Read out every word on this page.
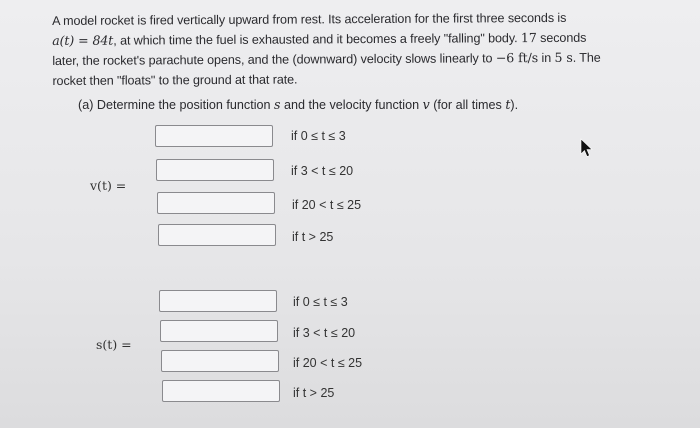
A model rocket is fired vertically upward from rest. Its acceleration for the first three seconds is
a(t) = 84t, at which time the fuel is exhausted and it becomes a freely "falling" body. 17 seconds
later, the rocket's parachute opens, and the (downward) velocity slows linearly to −6 ft/s in 5 s. The
rocket then "floats" to the ground at that rate.
(a) Determine the position function s and the velocity function v (for all times t).
v(t) =
if 0 ≤ t ≤ 3
if 3 < t ≤ 20
if 20 < t ≤ 25
if t > 25
s(t) =
if 0 ≤ t ≤ 3
if 3 < t ≤ 20
if 20 < t ≤ 25
if t > 25
